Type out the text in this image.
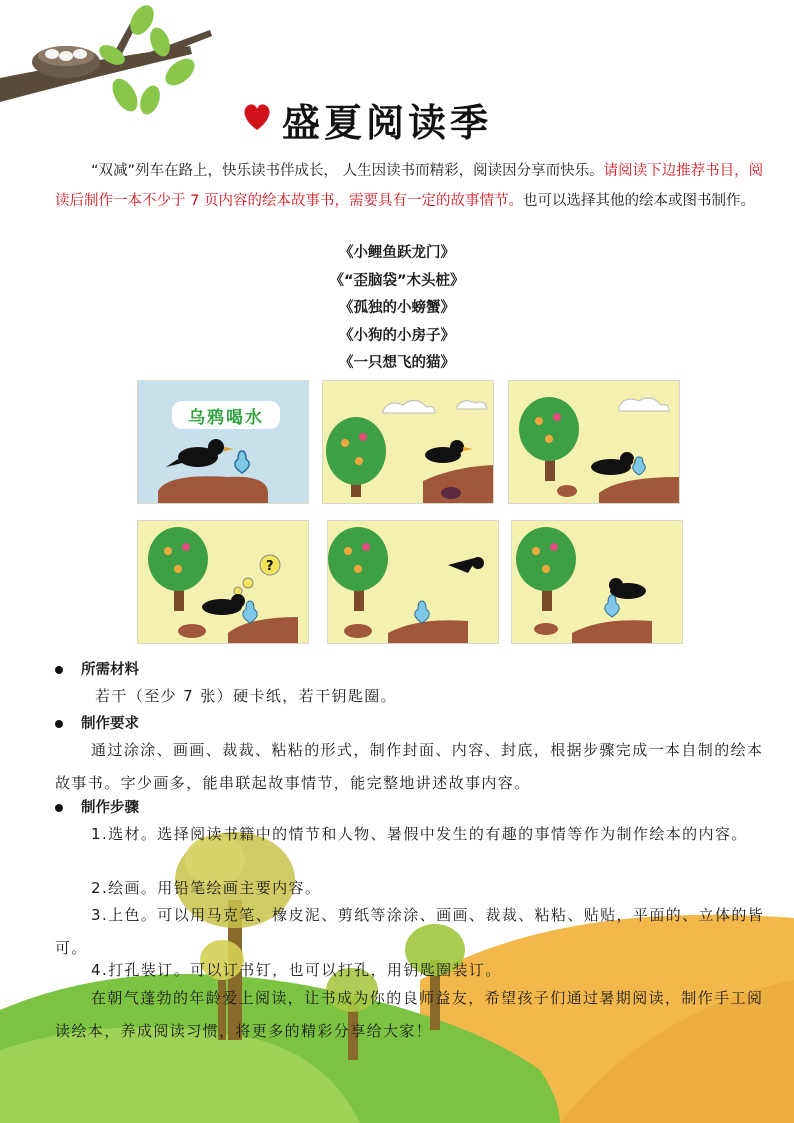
盛夏阅读季
“双减”列车在路上，快乐读书伴成长， 人生因读书而精彩，阅读因分享而快乐。请阅读下边推荐书目，阅读后制作一本不少于 7 页内容的绘本故事书，需要具有一定的故事情节。也可以选择其他的绘本或图书制作。
《小鲤鱼跃龙门》
《“歪脑袋”木头桩》
《孤独的小螃蟹》
《小狗的小房子》
《一只想飞的猫》
乌鸦喝水
?
所需材料
若干（至少 7 张）硬卡纸，若干钥匙圈。
制作要求
通过涂涂、画画、裁裁、粘粘的形式，制作封面、内容、封底，根据步骤完成一本自制的绘本故事书。字少画多，能串联起故事情节，能完整地讲述故事内容。
制作步骤
1.选材。选择阅读书籍中的情节和人物、暑假中发生的有趣的事情等作为制作绘本的内容。
2.绘画。用铅笔绘画主要内容。
3.上色。可以用马克笔、橡皮泥、剪纸等涂涂、画画、裁裁、粘粘、贴贴，平面的、立体的皆可。
4.打孔装订。可以订书钉，也可以打孔，用钥匙圈装订。
在朝气蓬勃的年龄爱上阅读，让书成为你的良师益友，希望孩子们通过暑期阅读，制作手工阅读绘本，养成阅读习惯，将更多的精彩分享给大家！
